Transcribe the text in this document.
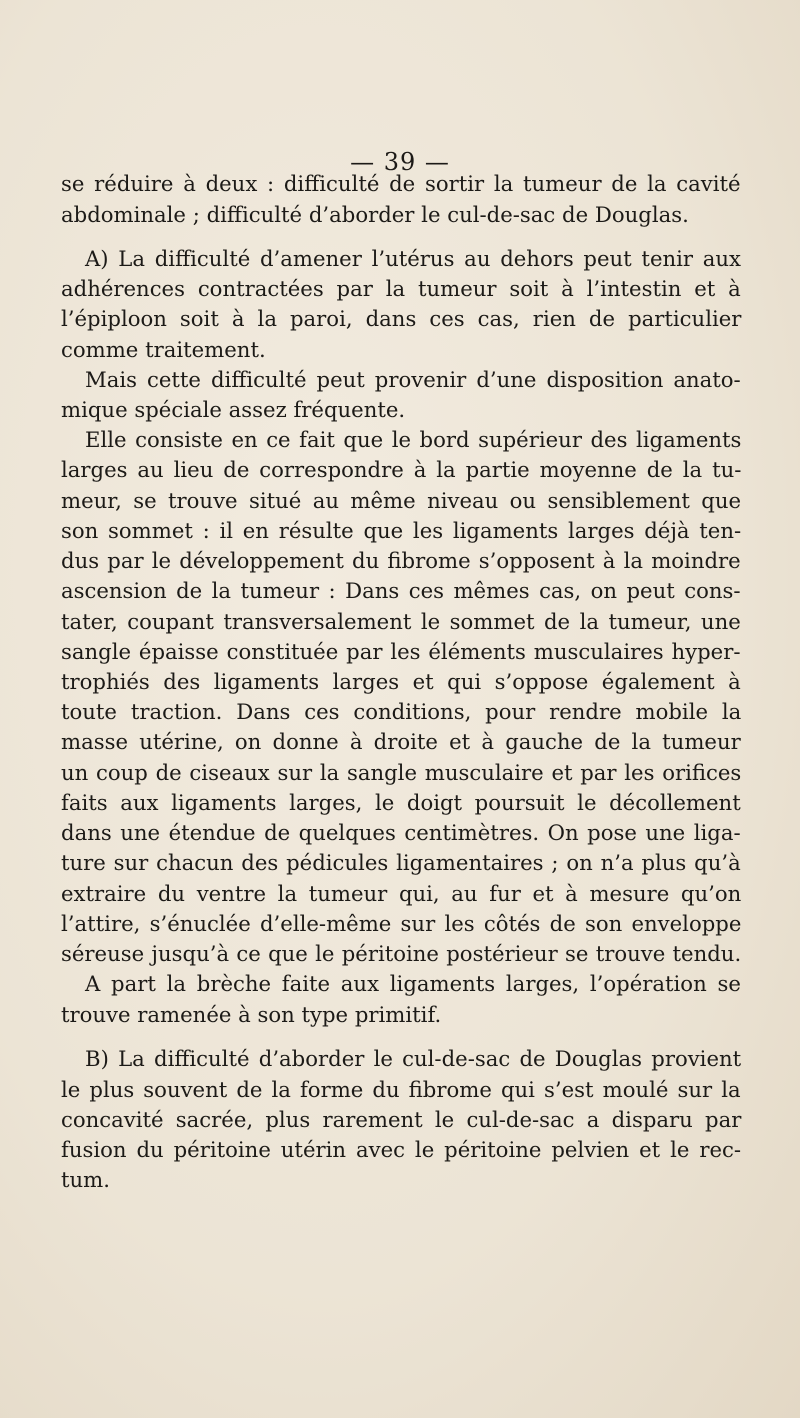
— 39 —
se réduire à deux : difficulté de sortir la tumeur de la cavité
abdominale ; difficulté d’aborder le cul-de-sac de Douglas.
A) La difficulté d’amener l’utérus au dehors peut tenir aux
adhérences contractées par la tumeur soit à l’intestin et à
l’épiploon soit à la paroi, dans ces cas, rien de particulier
comme traitement.
Mais cette difficulté peut provenir d’une disposition anato-
mique spéciale assez fréquente.
Elle consiste en ce fait que le bord supérieur des ligaments
larges au lieu de correspondre à la partie moyenne de la tu-
meur, se trouve situé au même niveau ou sensiblement que
son sommet : il en résulte que les ligaments larges déjà ten-
dus par le développement du fibrome s’opposent à la moindre
ascension de la tumeur : Dans ces mêmes cas, on peut cons-
tater, coupant transversalement le sommet de la tumeur, une
sangle épaisse constituée par les éléments musculaires hyper-
trophiés des ligaments larges et qui s’oppose également à
toute traction. Dans ces conditions, pour rendre mobile la
masse utérine, on donne à droite et à gauche de la tumeur
un coup de ciseaux sur la sangle musculaire et par les orifices
faits aux ligaments larges, le doigt poursuit le décollement
dans une étendue de quelques centimètres. On pose une liga-
ture sur chacun des pédicules ligamentaires ; on n’a plus qu’à
extraire du ventre la tumeur qui, au fur et à mesure qu’on
l’attire, s’énuclée d’elle-même sur les côtés de son enveloppe
séreuse jusqu’à ce que le péritoine postérieur se trouve tendu.
A part la brèche faite aux ligaments larges, l’opération se
trouve ramenée à son type primitif.
B) La difficulté d’aborder le cul-de-sac de Douglas provient
le plus souvent de la forme du fibrome qui s’est moulé sur la
concavité sacrée, plus rarement le cul-de-sac a disparu par
fusion du péritoine utérin avec le péritoine pelvien et le rec-
tum.
